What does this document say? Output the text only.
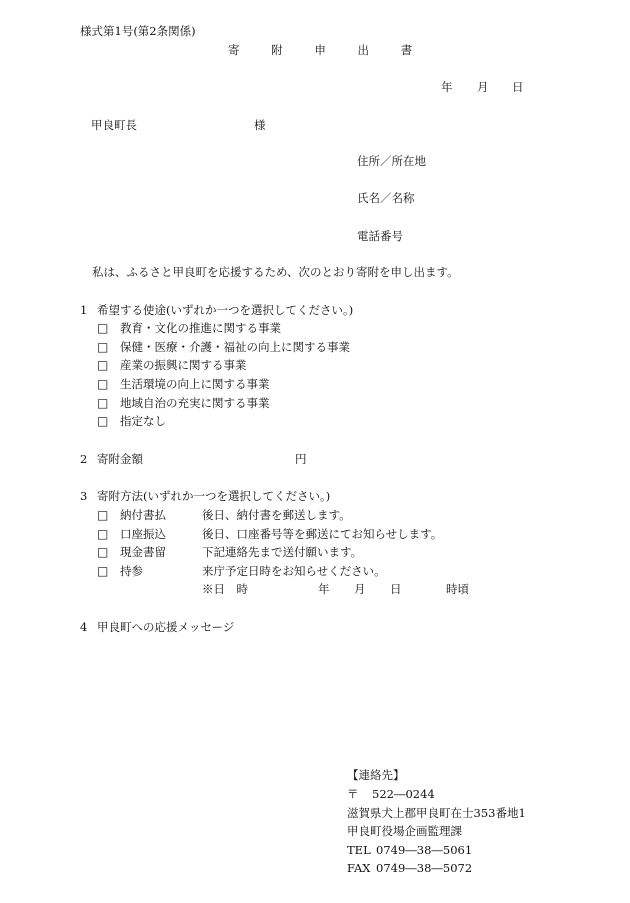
様式第1号(第2条関係)
寄	附	申	出	書
年 月 日
甲良町長	様
住所／所在地
氏名／名称
電話番号
私は、ふるさと甲良町を応援するため、次のとおり寄附を申し出ます。
1 希望する使途(いずれか一つを選択してください。)
□ 教育・文化の推進に関する事業
□ 保健・医療・介護・福祉の向上に関する事業
□ 産業の振興に関する事業
□ 生活環境の向上に関する事業
□ 地域自治の充実に関する事業
□ 指定なし
2 寄附金額	円
3 寄附方法(いずれか一つを選択してください。)
□ 納付書払	後日、納付書を郵送します。
□ 口座振込	後日、口座番号等を郵送にてお知らせします。
□ 現金書留	下記連絡先まで送付願います。
□ 持参	来庁予定日時をお知らせください。
※日　時	年 月 日	時頃
4 甲良町への応援メッセージ
【連絡先】
〒 522―0244
滋賀県犬上郡甲良町在士353番地1
甲良町役場企画監理課
TEL 0749―38―5061
FAX 0749―38―5072
